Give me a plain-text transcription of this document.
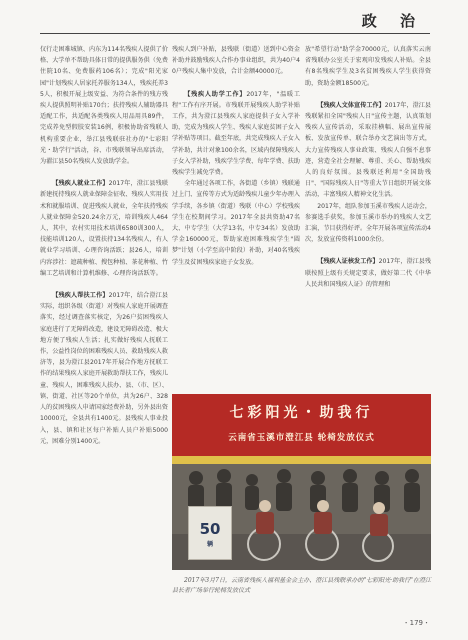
政 治

仅行走困难城镇、内东为114名残疾人提供了价格、大学单不帮助具体日常的提供服务供（免费住院10名、免费服药106名）；完成"阳光家园"计划残疾人居家托养服务134人，残疾托养35人，积极开展上级安益、为符合条件的残方残疾人提供照明补贴170台；扶持残疾人辅助器具适配工作，共适配各类残疾人用品用具89件，完成养免型假肢安装16例，积极协助省残联人机构重要企业，举江县残联驻社办的"七彩阳光・助学行"活动，谷、市残联领导出席活动，为濯江县50名残疾人发放助学金。

【残疾人就业工作】2017年，澄江县残联新建抚持残疾人就业保障金征收、残疾人实用技术和就服培训、促进残疾人就业，全年扶持残疾人就业保障金520.24余万元，培训残疾人464人，其中，农村实用技术培训6580训300人，技能培训120人，设置扶持134名残疾人，有人就业学习培训、心理咨询活跃；县26人，培训内容涉社：遮疏种植、搜包种植、茶花种植、竹编工艺培训和计算机维修、心理咨询活跃等。

【残疾人帮扶工作】2017年，结合澄江县实际，组织各级（街道）对残疾人家庭开展调查落实，经过调查落实核定，为26户贫困残疾人家庭进行了无障碍改造，建设无障碍改造、极大地方便了残疾人生活；扎实做好残疾人抚联工作，公益性岗位的困难残疾人员、救助残疾人救济等，县为澄江县2017年开展合作地方抚联工作的结果残疾人家庭开展救助帮扶工作，残疾儿童、残疾人，困难残疾人扶办、县、（市、区）、镇、街道、社区等20个单位，共为26户、328人的贫困残疾人申请国家经费补助，另外县出资10000元，全县共有1400元。县残疾人事业投入，县、镇和社区每户补贴人员户补贴5000元，困难分别1400元。

残疾人到户补贴，县残联（街道）送到中心资金补助并鼓励残疾人合作办事业组织，共为40户40户残疾人集中发放，合计金额40000元。

【残疾人助学工作】2017年，"温暖工程"工作有序开展。市残联开展残疾人助学补贴工作，共为澄江县残疾人家庭提供子女入学补助，完成为残疾人学生、残疾人家庭贫困子女入学补贴等项目。截至年底，共完成残疾人子女入学补助，共计对象100余名，区域内保障残疾人子女入学补助，残疾学生学费、每年学费、扶助残疾学生减免学费。

全年通过各项工作，各街道（乡镇）残联通过上门、宣传等方式为适龄残疾儿童少年办理入学手续，各乡镇（街道）残联（中心）学校残疾学生在校期间学习。2017年全县共资助47名大、中专学生（大学13名，中专34名）发放助学金160000元，帮助家庭困难残疾学生"圆梦"计划（小学至高中阶段）补助，对40名残疾学生及贫困残疾家庭子女发放。

放"希望行动"助学金70000元，认真落实云南省残联办公室关于宏观印发残疾人补贴。全县有8名残疾学生及3名贫困残疾人学生获得资助，资助金额18500元。

【残疾人文体宣传工作】2017年，澄江县残联紧扣全国"残疾人日"宣传主题，认真策划残疾人宣传活动，采取挂横幅、展出宣传展板、发放宣传单、联合举办文艺演出等方式，大力宣传残疾人事业政策、残疾人自强不息事迹，营造全社会理解、尊重、关心、帮助残疾人的良好氛围。县残联还利用"全国助残日"、"国际残疾人日"等重大节日组织开展文体活动，丰富残疾人精神文化生活。

2017年，组队参加玉溪市残疾人运动会，参赛选手获奖，参加玉溪市举办的残疾人文艺汇演，节目获得好评。全年开展各项宣传活动4次，发放宣传资料1000余份。

【残疾人证核发工作】2017年，澄江县残联按照上级有关规定要求，做好第二代《中华人民共和国残疾人证》的管理和

七彩阳光・助我行
云南省玉溪市澄江县 轮椅发放仪式
50
辆
2017年3月7日，云南省残疾人福利基金会主办、澄江县残联承办的"七彩阳光·助我行"在澄江县长者广场举行轮椅发放仪式
・179・
